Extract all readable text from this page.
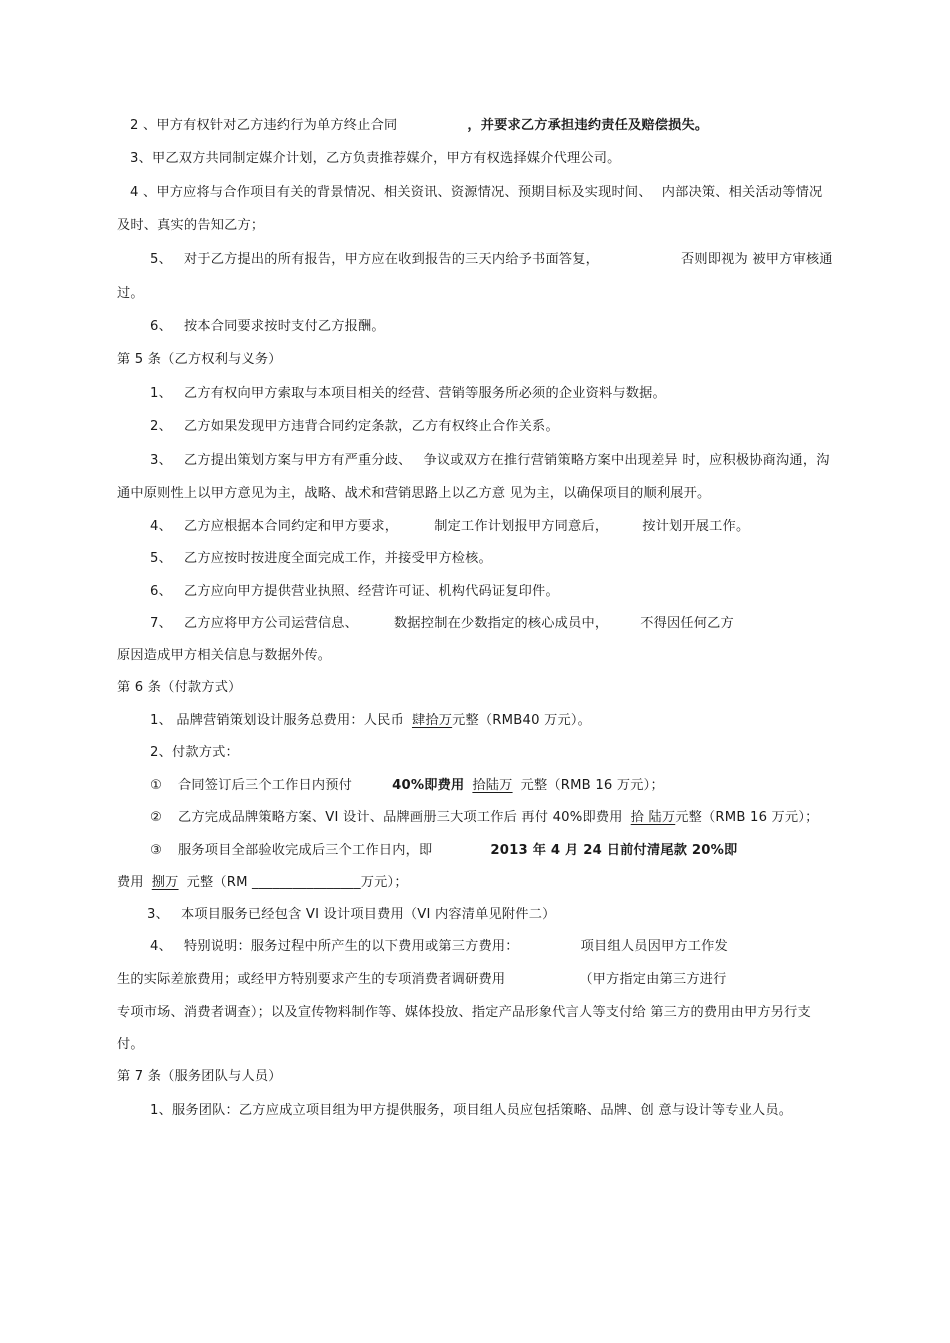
2 、甲方有权针对乙方违约行为单方终止合同	，并要求乙方承担违约责任及赔偿损失。
3、甲乙双方共同制定媒介计划，乙方负责推荐媒介，甲方有权选择媒介代理公司。
4 、甲方应将与合作项目有关的背景情况、相关资讯、资源情况、预期目标及实现时间、 内部决策、相关活动等情况
及时、真实的告知乙方；
5、 对于乙方提出的所有报告，甲方应在收到报告的三天内给予书面答复，	否则即视为 被甲方审核通
过。
6、 按本合同要求按时支付乙方报酬。
第 5 条（乙方权利与义务）
1、 乙方有权向甲方索取与本项目相关的经营、营销等服务所必须的企业资料与数据。
2、 乙方如果发现甲方违背合同约定条款，乙方有权终止合作关系。
3、 乙方提出策划方案与甲方有严重分歧、 争议或双方在推行营销策略方案中出现差异 时，应积极协商沟通，沟
通中原则性上以甲方意见为主，战略、战术和营销思路上以乙方意 见为主，以确保项目的顺利展开。
4、 乙方应根据本合同约定和甲方要求，	制定工作计划报甲方同意后，	按计划开展工作。
5、 乙方应按时按进度全面完成工作，并接受甲方检核。
6、 乙方应向甲方提供营业执照、经营许可证、机构代码证复印件。
7、 乙方应将甲方公司运营信息、	数据控制在少数指定的核心成员中， 不得因任何乙方
原因造成甲方相关信息与数据外传。
第 6 条（付款方式）
1、 品牌营销策划设计服务总费用：人民币 肆拾万元整（RMB40 万元）。
2、付款方式：
① 合同签订后三个工作日内预付	40%即费用 拾陆万 元整（RMB 16 万元）；
② 乙方完成品牌策略方案、VI 设计、品牌画册三大项工作后 再付 40%即费用 拾 陆万元整（RMB 16 万元）；
③ 服务项目全部验收完成后三个工作日内，即	2013 年 4 月 24 日前付清尾款 20%即
费用 捌万 元整（RM ________________万元）；
3、 本项目服务已经包含 VI 设计项目费用（VI 内容清单见附件二）
4、 特别说明：服务过程中所产生的以下费用或第三方费用：	项目组人员因甲方工作发
生的实际差旅费用；或经甲方特别要求产生的专项消费者调研费用	（甲方指定由第三方进行
专项市场、消费者调查）；以及宣传物料制作等、媒体投放、指定产品形象代言人等支付给 第三方的费用由甲方另行支
付。
第 7 条（服务团队与人员）
1、服务团队：乙方应成立项目组为甲方提供服务，项目组人员应包括策略、品牌、创 意与设计等专业人员。
